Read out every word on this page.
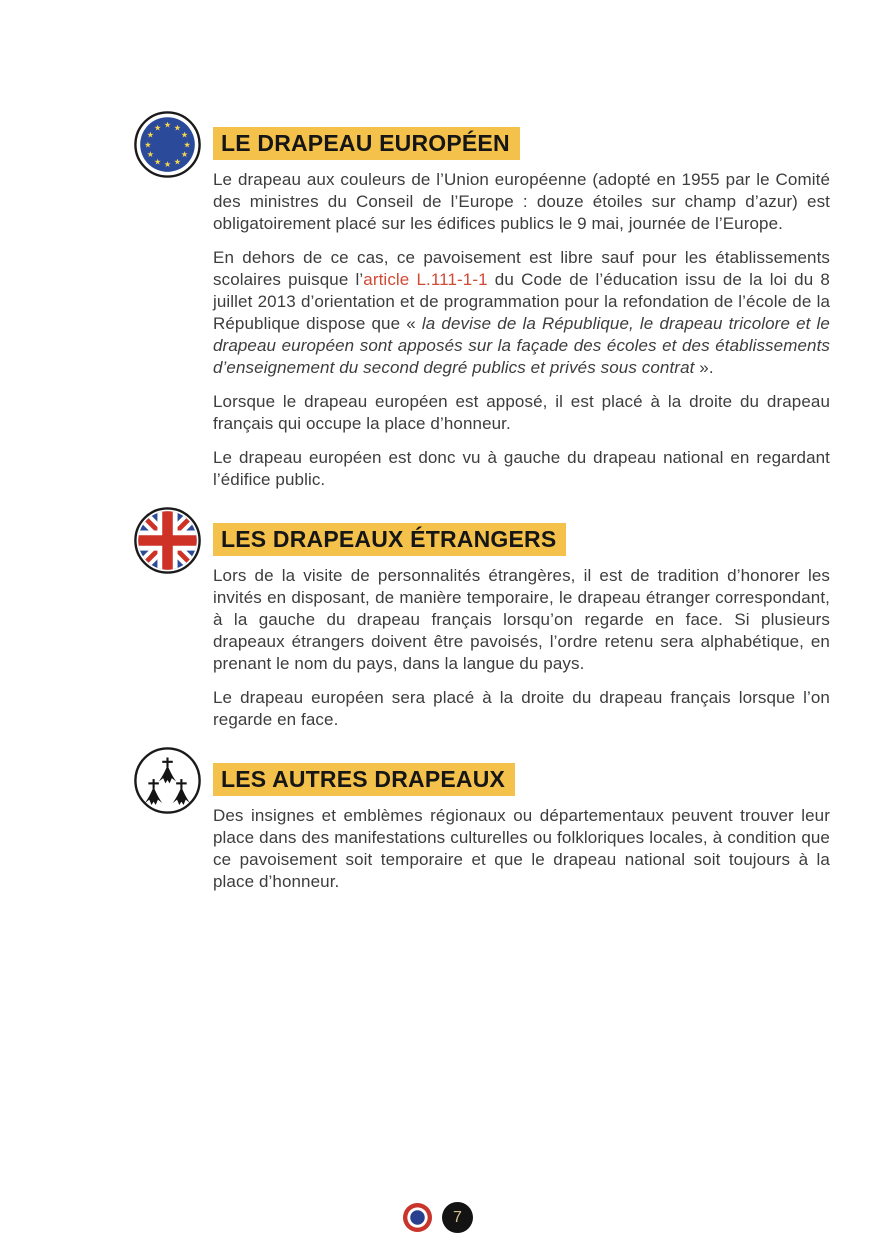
★ ★
★
★
★
★
★
★
★
★
★
★
LE DRAPEAU EUROPÉEN

Le drapeau aux couleurs de l’Union européenne (adopté en 1955 par le Comité des ministres du Conseil de l’Europe : douze étoiles sur champ d’azur) est obligatoirement placé sur les édifices publics le 9 mai, journée de l’Europe.

En dehors de ce cas, ce pavoisement est libre sauf pour les établissements scolaires puisque l’article L.111-1-1 du Code de l’éducation issu de la loi du 8 juillet 2013 d’orientation et de programmation pour la refondation de l’école de la République dispose que « la devise de la République, le drapeau tricolore et le drapeau européen sont apposés sur la façade des écoles et des établissements d’enseignement du second degré publics et privés sous contrat ».

Lorsque le drapeau européen est apposé, il est placé à la droite du drapeau français qui occupe la place d’honneur.

Le drapeau européen est donc vu à gauche du drapeau national en regardant l’édifice public.

LES DRAPEAUX ÉTRANGERS

Lors de la visite de personnalités étrangères, il est de tradition d’honorer les invités en disposant, de manière temporaire, le drapeau étranger correspondant, à la gauche du drapeau français lorsqu’on regarde en face. Si plusieurs drapeaux étrangers doivent être pavoisés, l’ordre retenu sera alphabétique, en prenant le nom du pays, dans la langue du pays.

Le drapeau européen sera placé à la droite du drapeau français lorsque l’on regarde en face.

LES AUTRES DRAPEAUX

Des insignes et emblèmes régionaux ou départementaux peuvent trouver leur place dans des manifestations culturelles ou folkloriques locales, à condition que ce pavoisement soit temporaire et que le drapeau national soit toujours à la place d’honneur.

7
